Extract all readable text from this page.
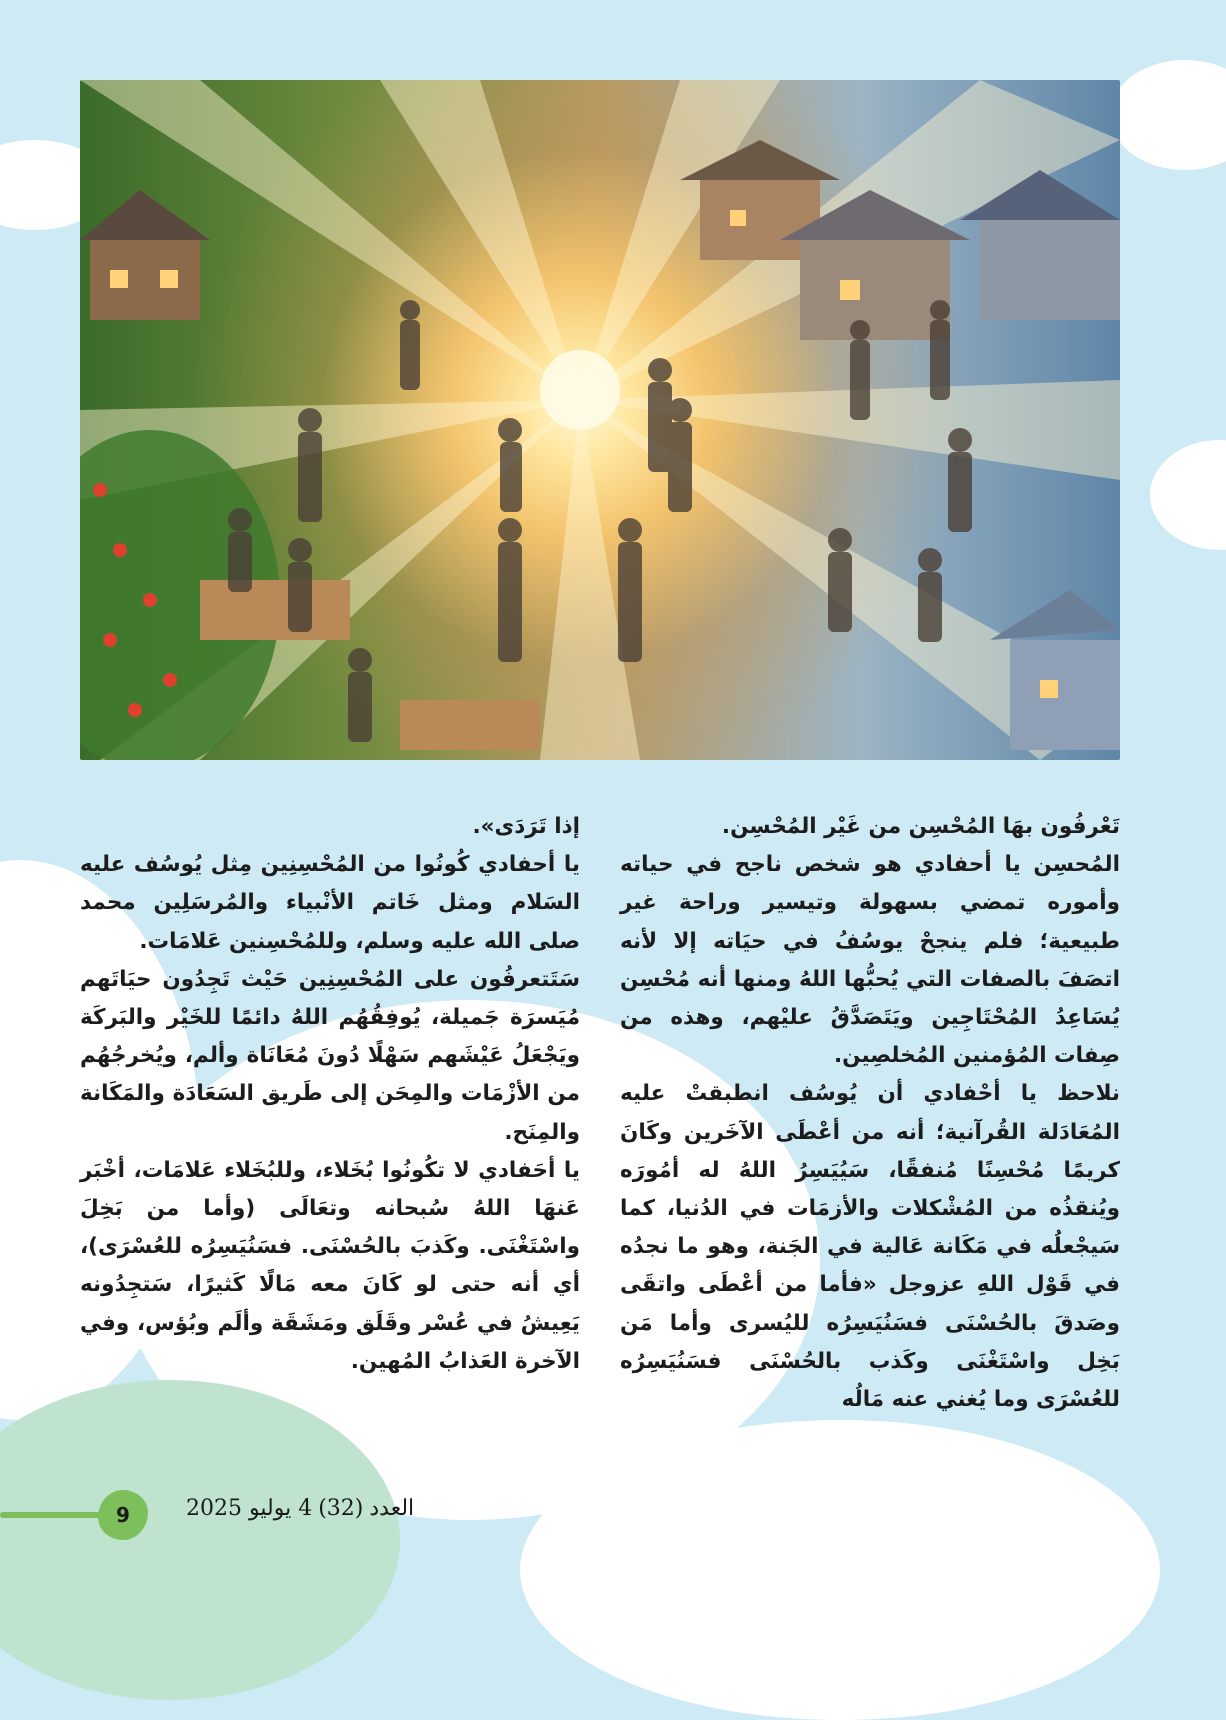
تَعْرفُون بهَا المُحْسِن من غَيْر المُحْسِن.

المُحسِن يا أحفادي هو شخص ناجح في حياته وأموره تمضي بسهولة وتيسير وراحة غير طبيعية؛ فلم ينجحْ يوسُفُ في حيَاته إلا لأنه اتصَفَ بالصفات التي يُحبُّها اللهُ ومنها أنه مُحْسِن يُسَاعِدُ المُحْتَاجِين ويَتَصَدَّقُ عليْهم، وهذه من صِفات المُؤمنين المُخلصِين.

نلاحظ يا أحْفادي أن يُوسُف انطبقتْ عليه المُعَادَلة القُرآنية؛ أنه من أعْطَى الآخَرين وكَانَ كريمًا مُحْسِنًا مُنفقًا، سَيُيَسِرُ اللهُ له أمُورَه ويُنقذُه من المُشْكلات والأزمَات في الدُنيا، كما سَيجْعلُه في مَكَانة عَالية في الجَنة، وهو ما نجدُه في قَوْل اللهِ عزوجل «فأما من أعْطَى واتقَى وصَدقَ بالحُسْنَى فسَنُيَسِرُه لليُسرى وأما مَن بَخِل واسْتَغْنَى وكَذب بالحُسْنَى فسَنُيَسِرُه للعُسْرَى وما يُغني عنه مَالُه

إذا تَرَدَى».

يا أحفادي كُونُوا من المُحْسِنِين مِثل يُوسُف عليه السَلام ومثل خَاتم الأنْبياء والمُرسَلِين محمد صلى الله عليه وسلم، وللمُحْسِنين عَلامَات.

سَتَتعرفُون على المُحْسِنِين حَيْث تَجِدُون حيَاتَهم مُيَسرَة جَميلة، يُوفِقُهُم اللهُ دائمًا للخَيْر والبَركَة ويَجْعَلُ عَيْشَهم سَهْلًا دُونَ مُعَانَاة وألم، ويُخرجُهُم من الأزْمَات والمِحَن إلى طَريق السَعَادَة والمَكَانة والمِنَح.

يا أحَفادي لا تكُونُوا بُخَلاء، وللبُخَلاء عَلامَات، أخْبَر عَنهَا اللهُ سُبحانه وتعَالَى (وأما من بَخِلَ واسْتَغْنَى. وكَذبَ بالحُسْنَى. فسَنُيَسِرُه للعُسْرَى)، أي أنه حتى لو كَانَ معه مَالًا كَثيرًا، سَتجِدُونه يَعِيشُ في عُسْر وقَلَق ومَشَقَة وألَم وبُؤس، وفي الآخرة العَذابُ المُهين.

9	العدد(32)4 يوليو 2025
